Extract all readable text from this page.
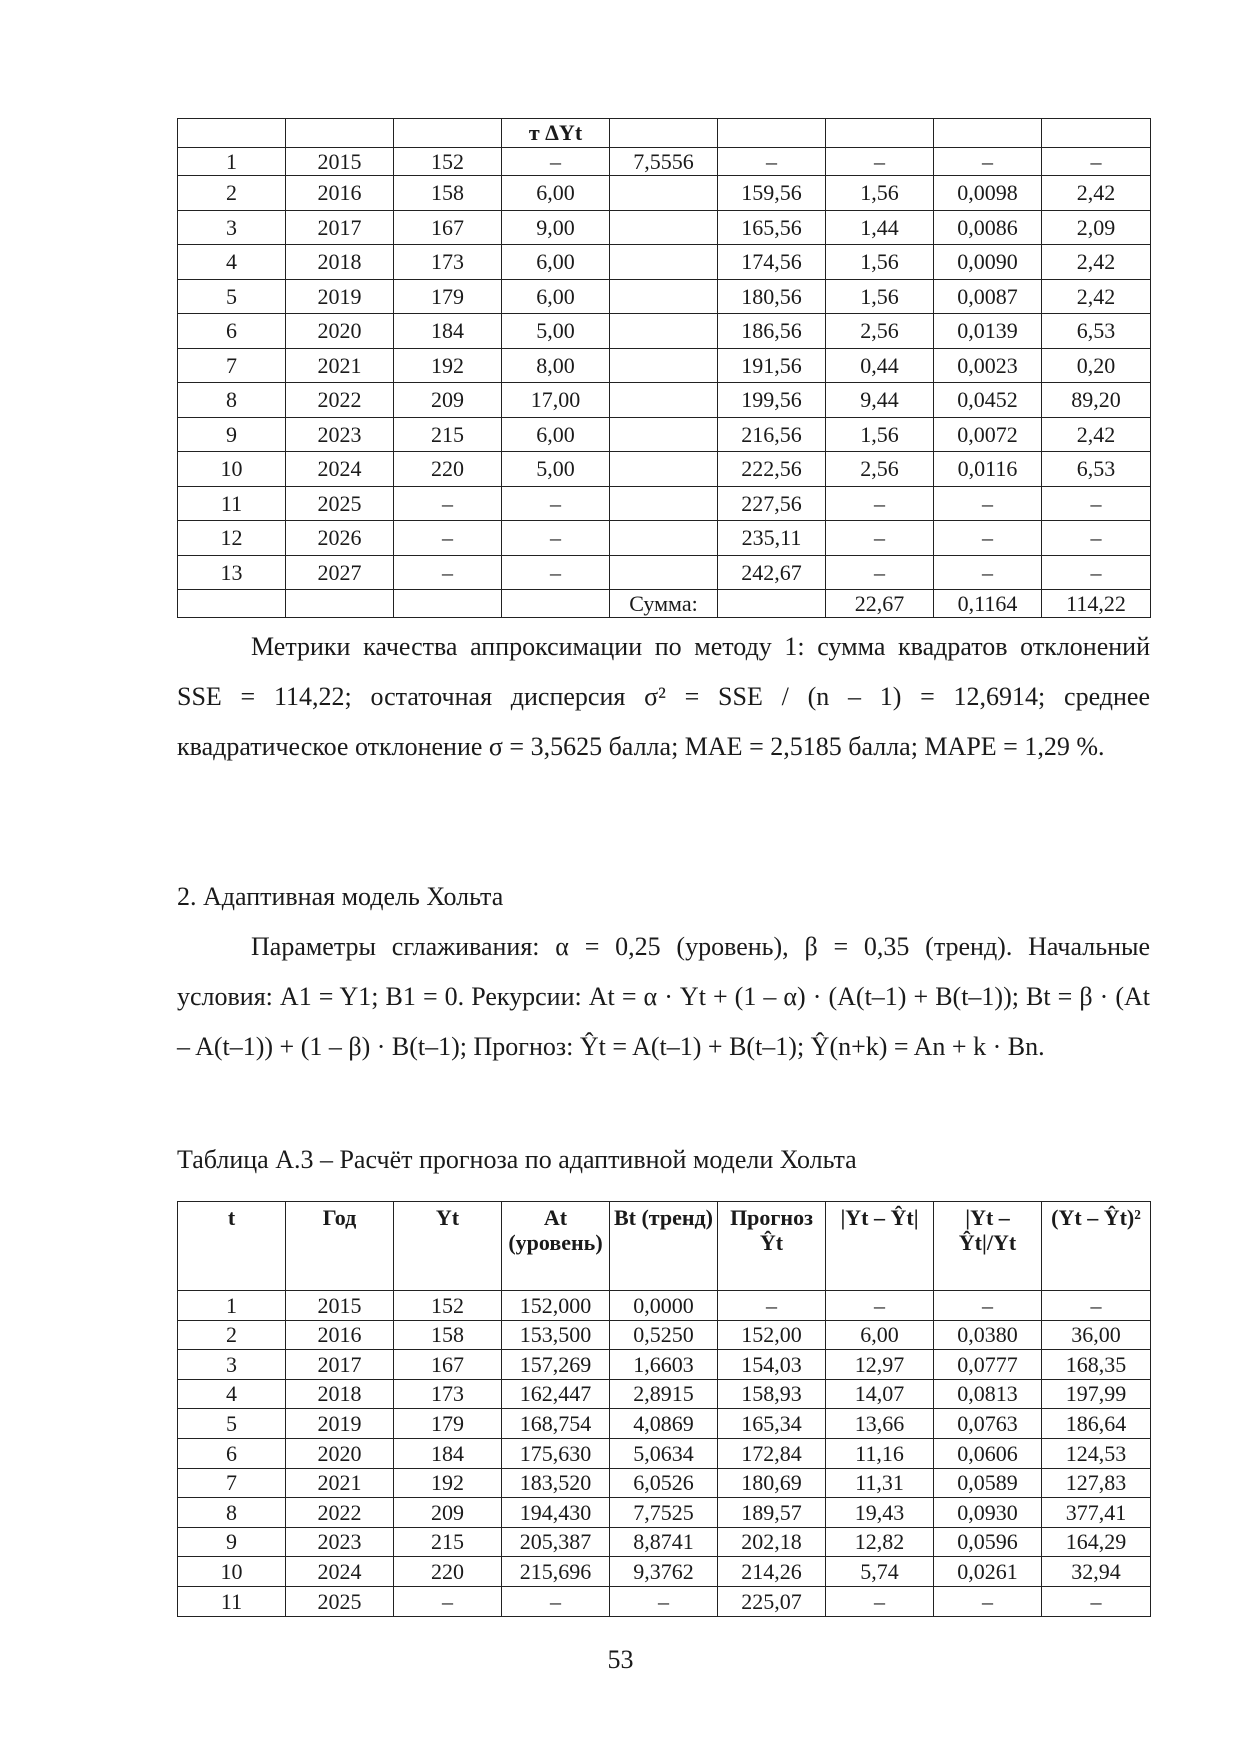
			т ΔYt					
1	2015	152	–	7,5556	–	–	–	–
2	2016	158	6,00		159,56	1,56	0,0098	2,42
3	2017	167	9,00		165,56	1,44	0,0086	2,09
4	2018	173	6,00		174,56	1,56	0,0090	2,42
5	2019	179	6,00		180,56	1,56	0,0087	2,42
6	2020	184	5,00		186,56	2,56	0,0139	6,53
7	2021	192	8,00		191,56	0,44	0,0023	0,20
8	2022	209	17,00		199,56	9,44	0,0452	89,20
9	2023	215	6,00		216,56	1,56	0,0072	2,42
10	2024	220	5,00		222,56	2,56	0,0116	6,53
11	2025	–	–		227,56	–	–	–
12	2026	–	–		235,11	–	–	–
13	2027	–	–		242,67	–	–	–
				Сумма:		22,67	0,1164	114,22
Метрики качества аппроксимации по методу 1: сумма квадратов отклонений SSE = 114,22; остаточная дисперсия σ² = SSE / (n – 1) = 12,6914; среднее квадратическое отклонение σ = 3,5625 балла; MAE = 2,5185 балла; MAPE = 1,29 %.
2. Адаптивная модель Хольта
Параметры сглаживания: α = 0,25 (уровень), β = 0,35 (тренд). Начальные условия: A1 = Y1; B1 = 0. Рекурсии: At = α · Yt + (1 – α) · (A(t–1) + B(t–1)); Bt = β · (At – A(t–1)) + (1 – β) · B(t–1); Прогноз: Ŷt = A(t–1) + B(t–1); Ŷ(n+k) = An + k · Bn.
Таблица А.3 – Расчёт прогноза по адаптивной модели Хольта
t	Год	Yt	At (уровень)	Bt (тренд)	Прогноз Ŷt	|Yt – Ŷt|	|Yt – Ŷt|/Yt	(Yt – Ŷt)²
1	2015	152	152,000	0,0000	–	–	–	–
2	2016	158	153,500	0,5250	152,00	6,00	0,0380	36,00
3	2017	167	157,269	1,6603	154,03	12,97	0,0777	168,35
4	2018	173	162,447	2,8915	158,93	14,07	0,0813	197,99
5	2019	179	168,754	4,0869	165,34	13,66	0,0763	186,64
6	2020	184	175,630	5,0634	172,84	11,16	0,0606	124,53
7	2021	192	183,520	6,0526	180,69	11,31	0,0589	127,83
8	2022	209	194,430	7,7525	189,57	19,43	0,0930	377,41
9	2023	215	205,387	8,8741	202,18	12,82	0,0596	164,29
10	2024	220	215,696	9,3762	214,26	5,74	0,0261	32,94
11	2025	–	–	–	225,07	–	–	–
53
